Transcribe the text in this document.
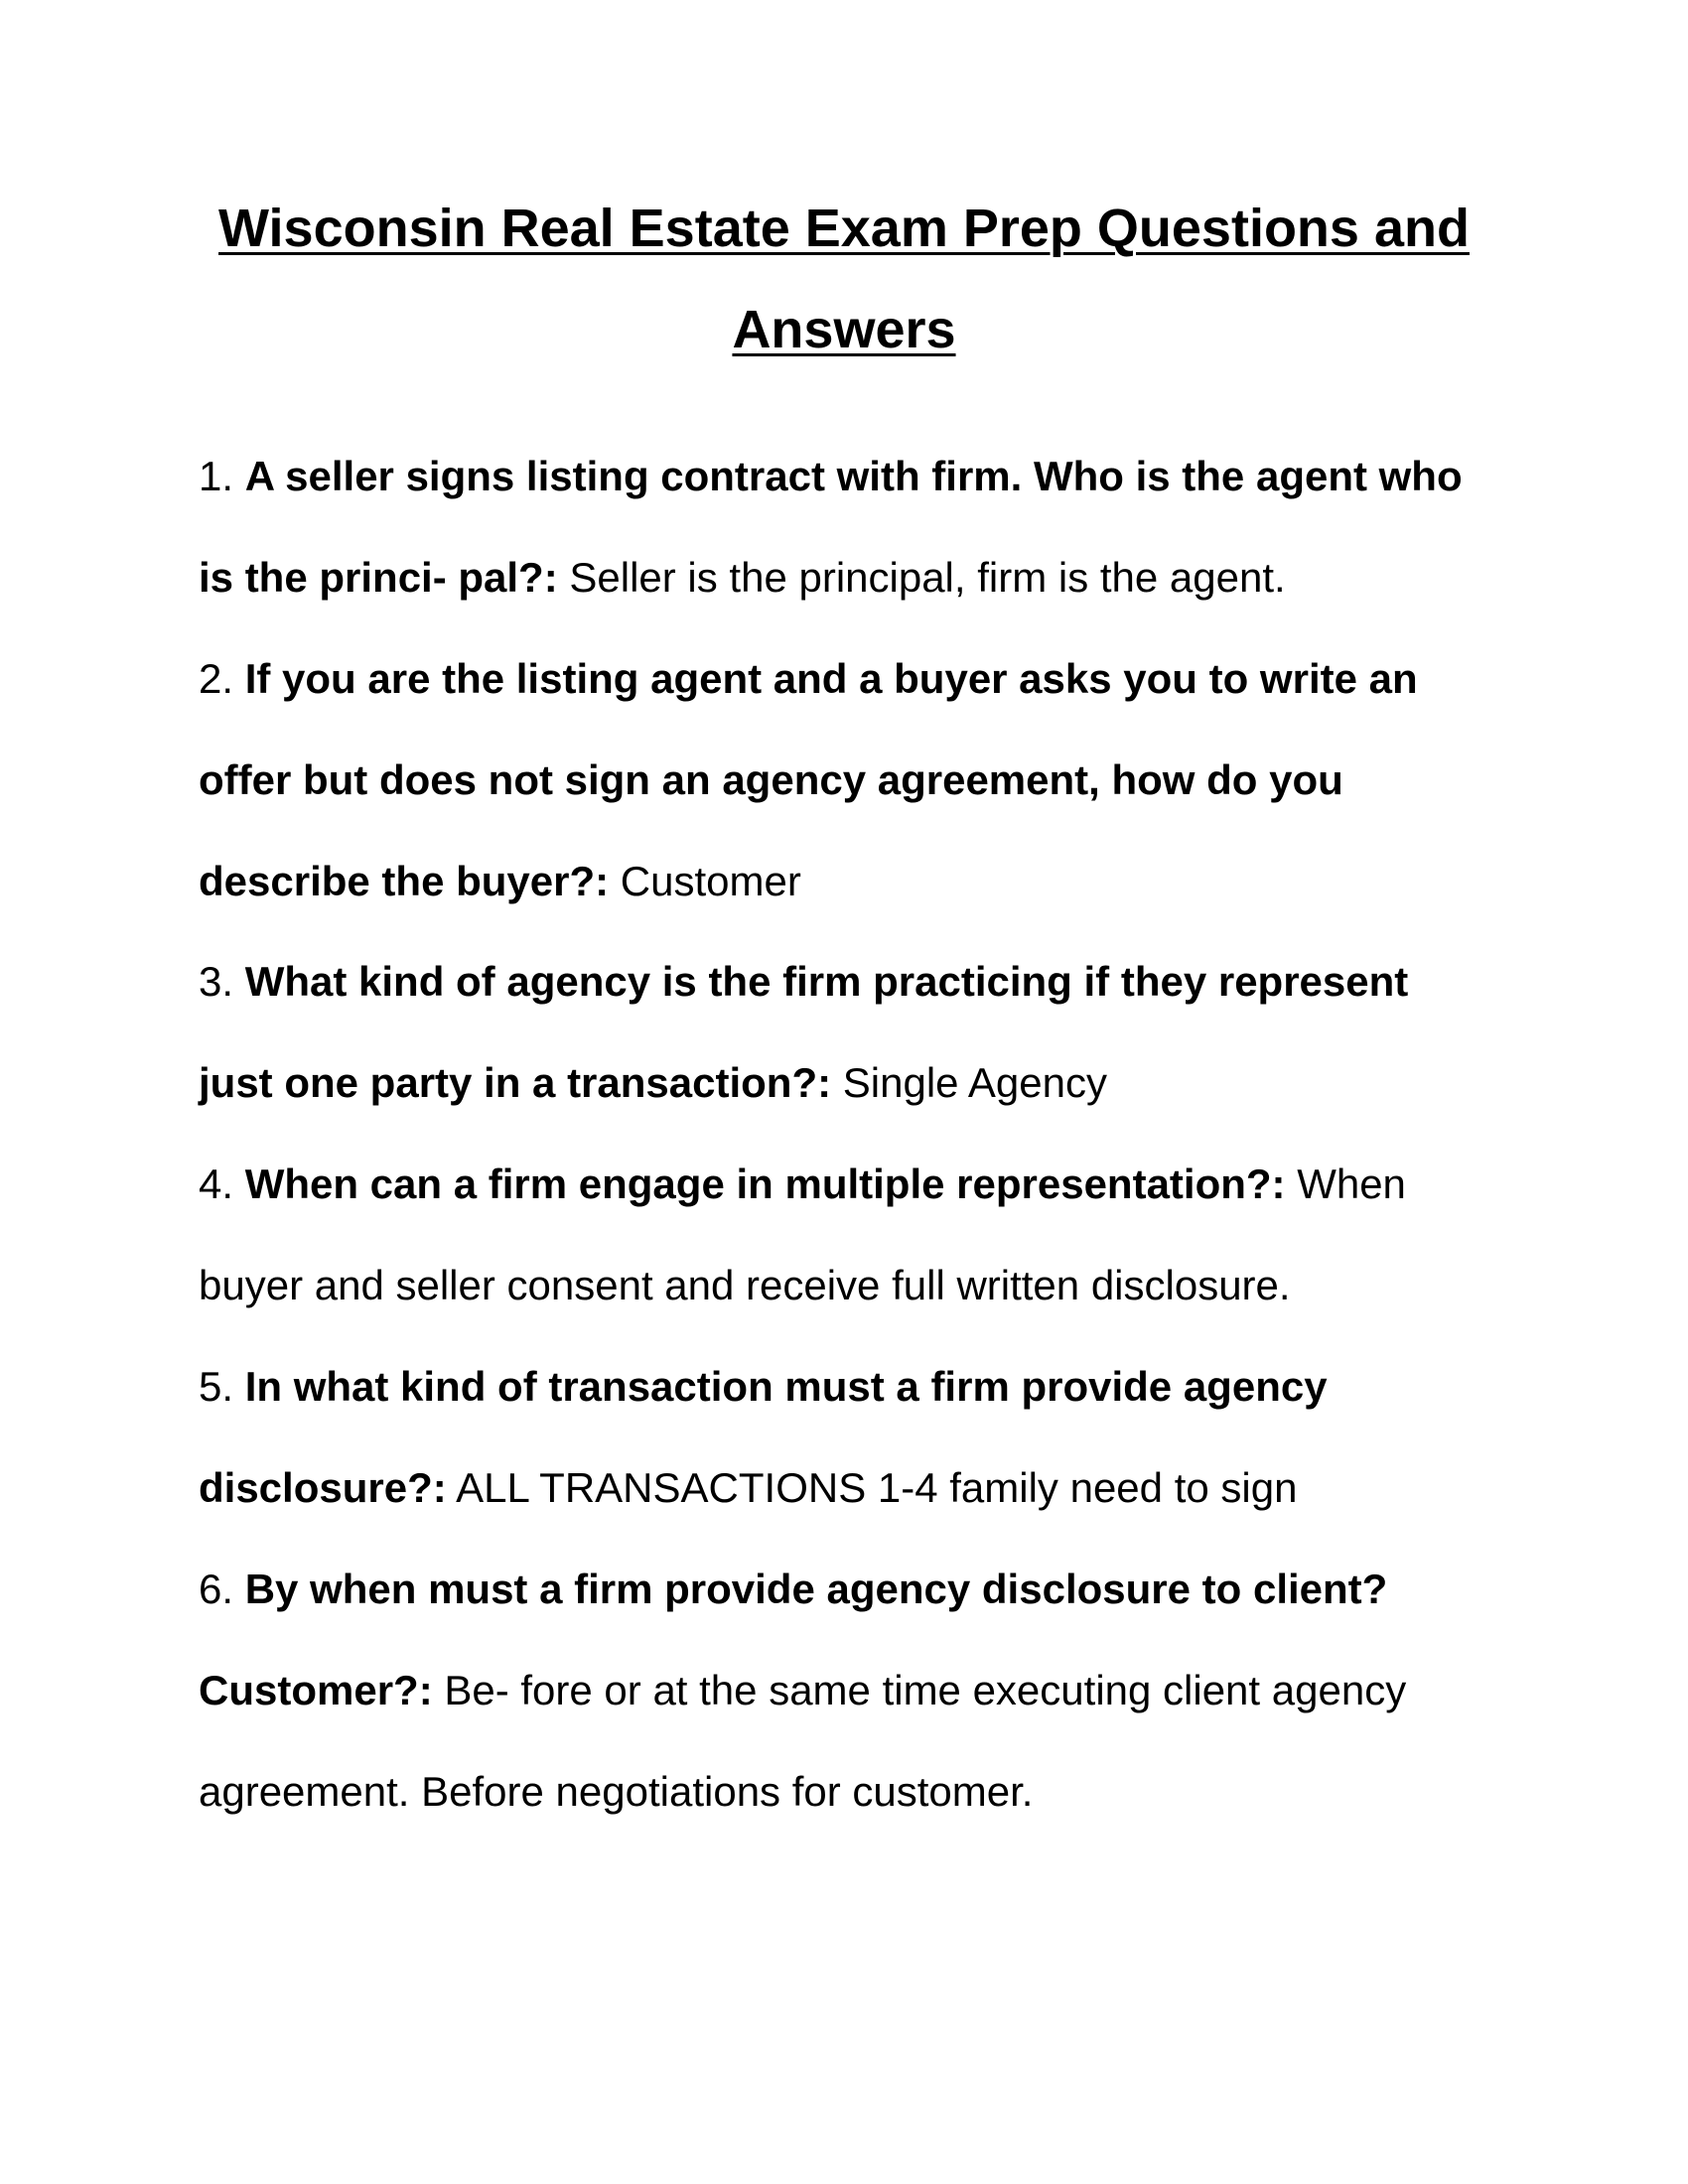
Wisconsin Real Estate Exam Prep Questions and
Answers

1. A seller signs listing contract with firm. Who is the agent who is the princi- pal?: Seller is the principal, firm is the agent.

2. If you are the listing agent and a buyer asks you to write an offer but does not sign an agency agreement, how do you describe the buyer?: Customer

3. What kind of agency is the firm practicing if they represent just one party in a transaction?: Single Agency

4. When can a firm engage in multiple representation?: When buyer and seller consent and receive full written disclosure.

5. In what kind of transaction must a firm provide agency disclosure?: ALL TRANSACTIONS 1-4 family need to sign

6. By when must a firm provide agency disclosure to client? Customer?: Be- fore or at the same time executing client agency agreement. Before negotiations for customer.
